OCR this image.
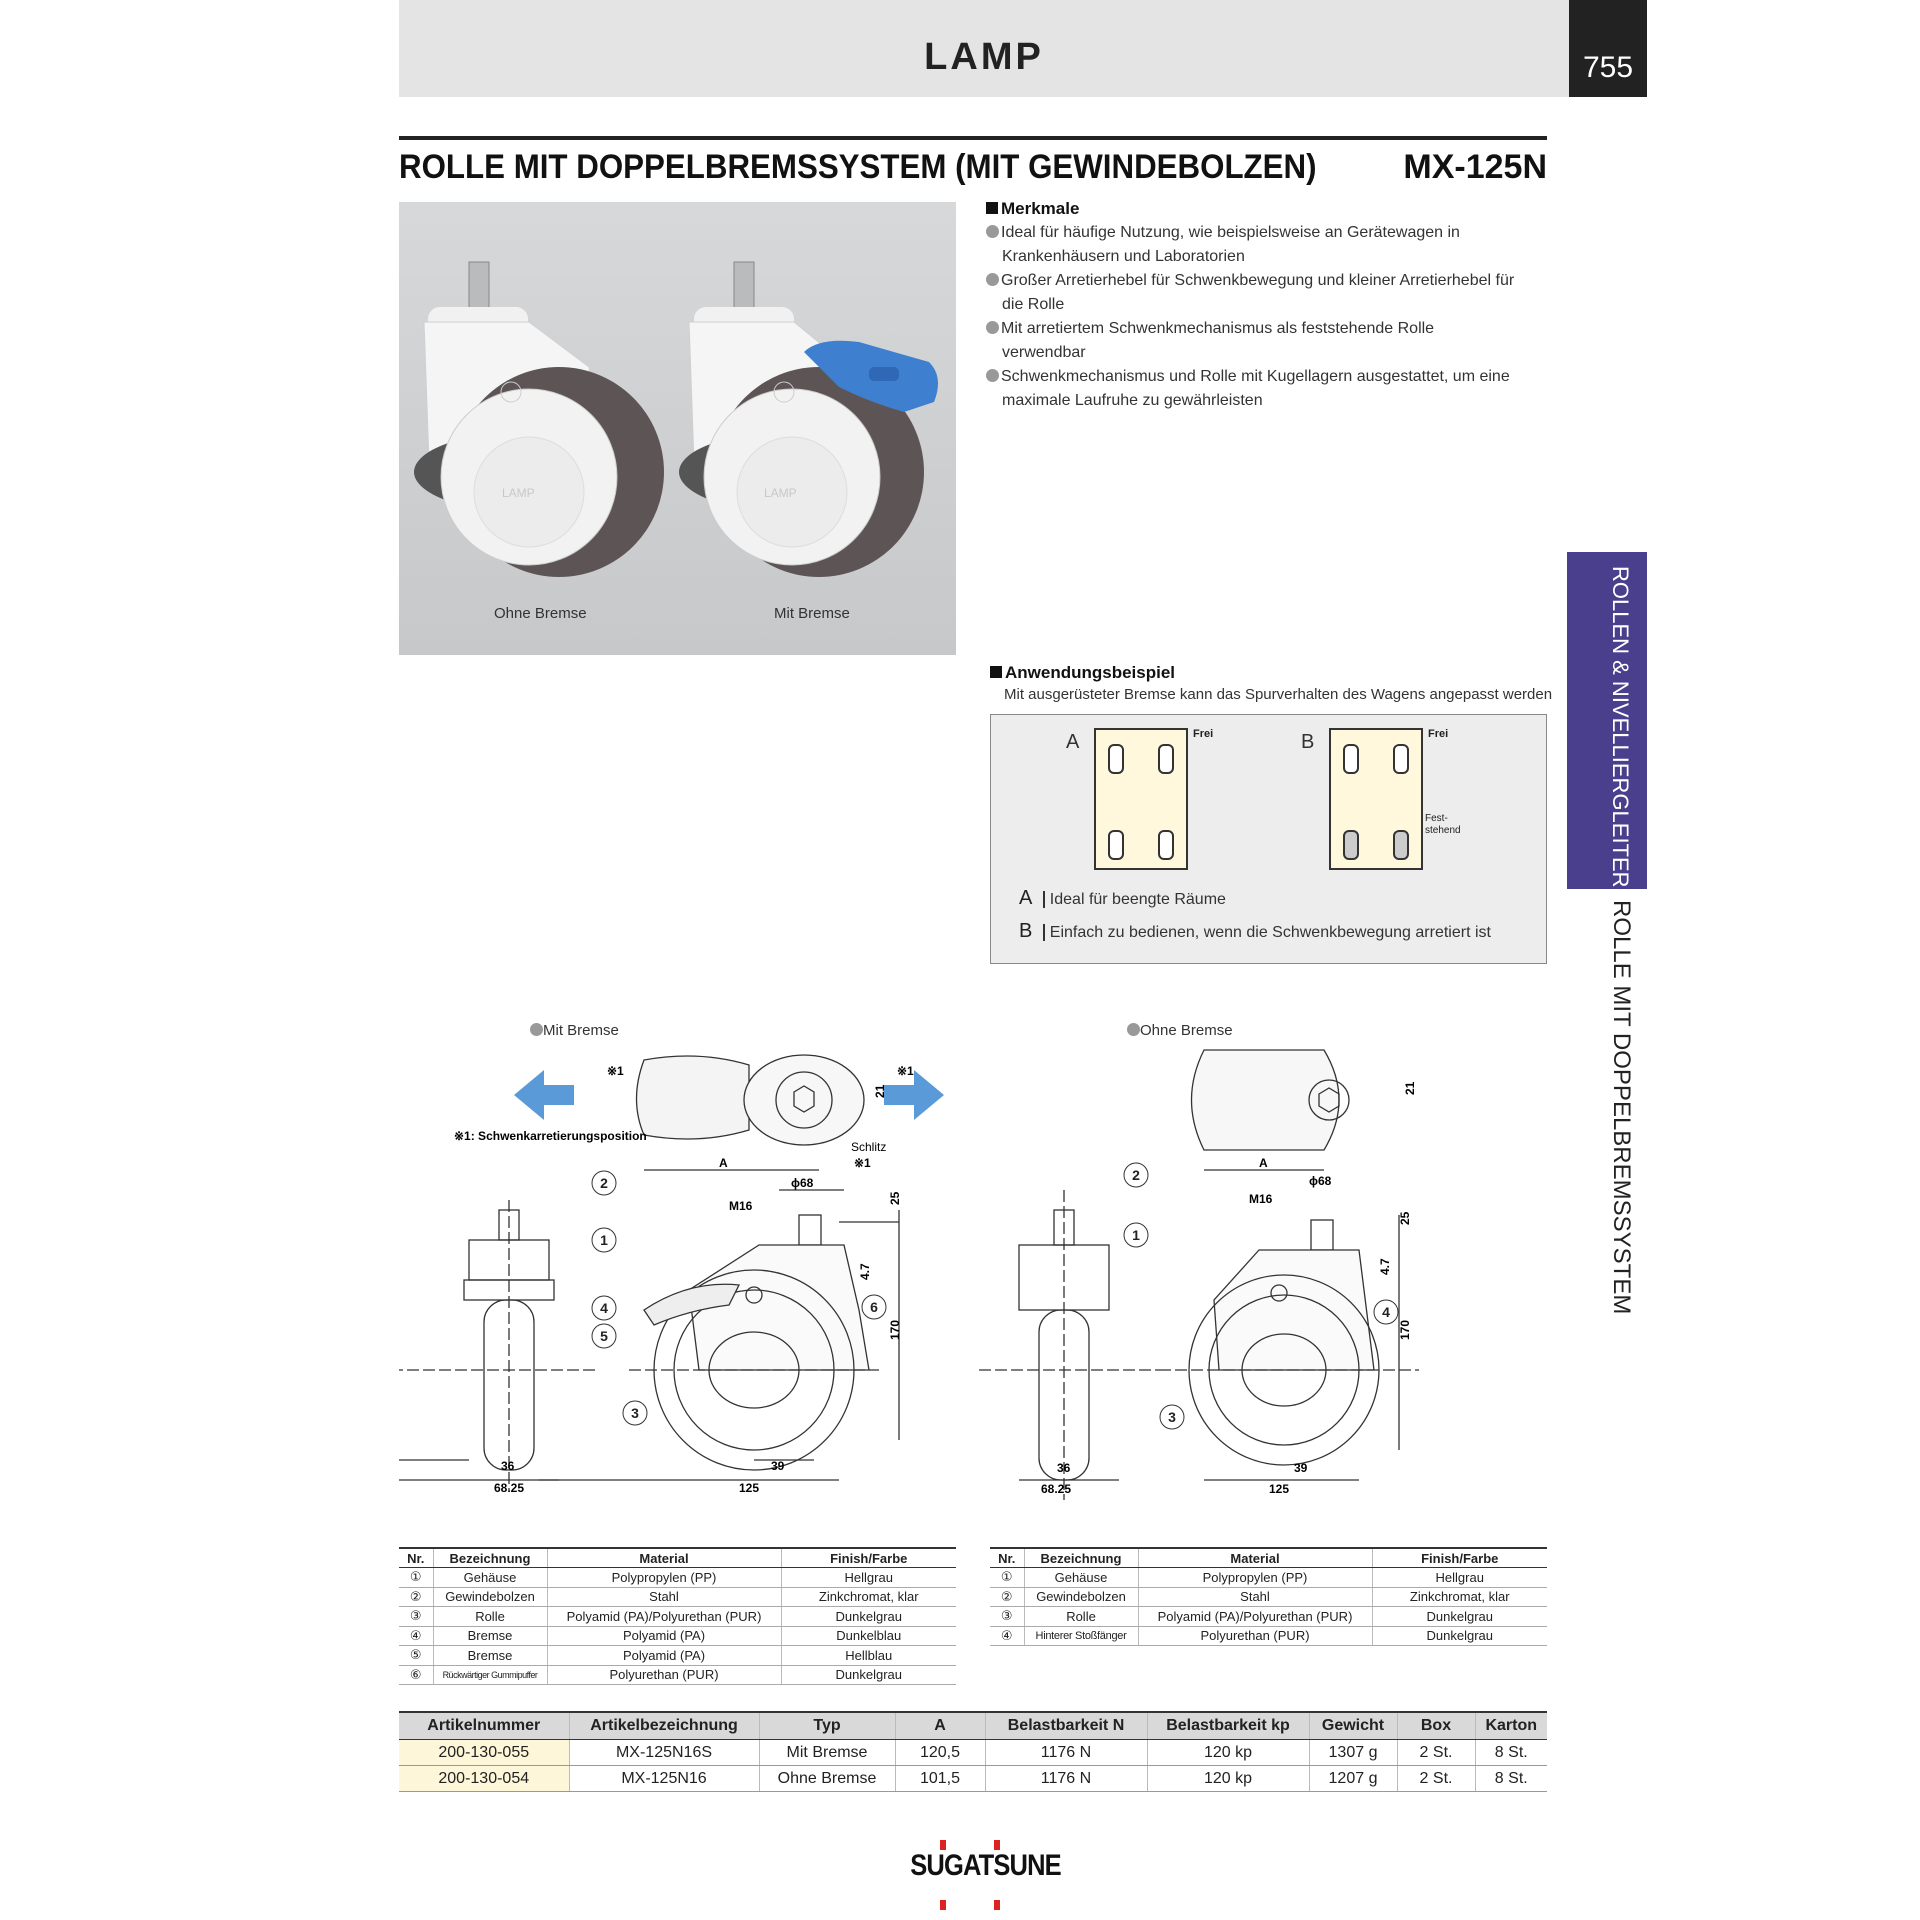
LAMP	755
ROLLE MIT DOPPELBREMSSYSTEM (MIT GEWINDEBOLZEN)	MX-125N
LAMP	LAMP
Ohne Bremse	Mit Bremse
Merkmale
Ideal für häufige Nutzung, wie beispielsweise an Gerätewagen in Krankenhäusern und Laboratorien
Großer Arretierhebel für Schwenkbewegung und kleiner Arretierhebel für die Rolle
Mit arretiertem Schwenkmechanismus als feststehende Rolle verwendbar
Schwenkmechanismus und Rolle mit Kugellagern ausgestattet, um eine maximale Laufruhe zu gewährleisten
ROLLEN & NIVELLIERGLEITER
ROLLE MIT DOPPELBREMSSYSTEM
Anwendungsbeispiel
Mit ausgerüsteter Bremse kann das Spurverhalten des Wagens angepasst werden
A	Frei	B	Frei
Fest-
stehend
A Ideal für beengte Räume
B Einfach zu bedienen, wenn die Schwenkbewegung arretiert ist
Mit Bremse	Ohne Bremse
※1	※1
※1: Schwenkarretierungsposition
Schlitz
※1
A
ϕ68
M16
21
25
4.7
170
36
68.25
39
125
2
1
4
5
6
3
21
A
ϕ68
M16
25
4.7
170
36
68.25
39
125
2
1
4
3
Nr.	Bezeichnung	Material	Finish/Farbe
①	Gehäuse	Polypropylen (PP)	Hellgrau
②	Gewindebolzen	Stahl	Zinkchromat, klar
③	Rolle	Polyamid (PA)/Polyurethan (PUR)	Dunkelgrau
④	Bremse	Polyamid (PA)	Dunkelblau
⑤	Bremse	Polyamid (PA)	Hellblau
⑥	Rückwärtiger Gummipuffer	Polyurethan (PUR)	Dunkelgrau
Nr.	Bezeichnung	Material	Finish/Farbe
①	Gehäuse	Polypropylen (PP)	Hellgrau
②	Gewindebolzen	Stahl	Zinkchromat, klar
③	Rolle	Polyamid (PA)/Polyurethan (PUR)	Dunkelgrau
④	Hinterer Stoßfänger	Polyurethan (PUR)	Dunkelgrau
Artikelnummer	Artikelbezeichnung	Typ	A	Belastbarkeit N	Belastbarkeit kp	Gewicht	Box	Karton
200-130-055	MX-125N16S	Mit Bremse	120,5	1176 N	120 kp	1307 g	2 St.	8 St.
200-130-054	MX-125N16	Ohne Bremse	101,5	1176 N	120 kp	1207 g	2 St.	8 St.
SUGATSUNE
